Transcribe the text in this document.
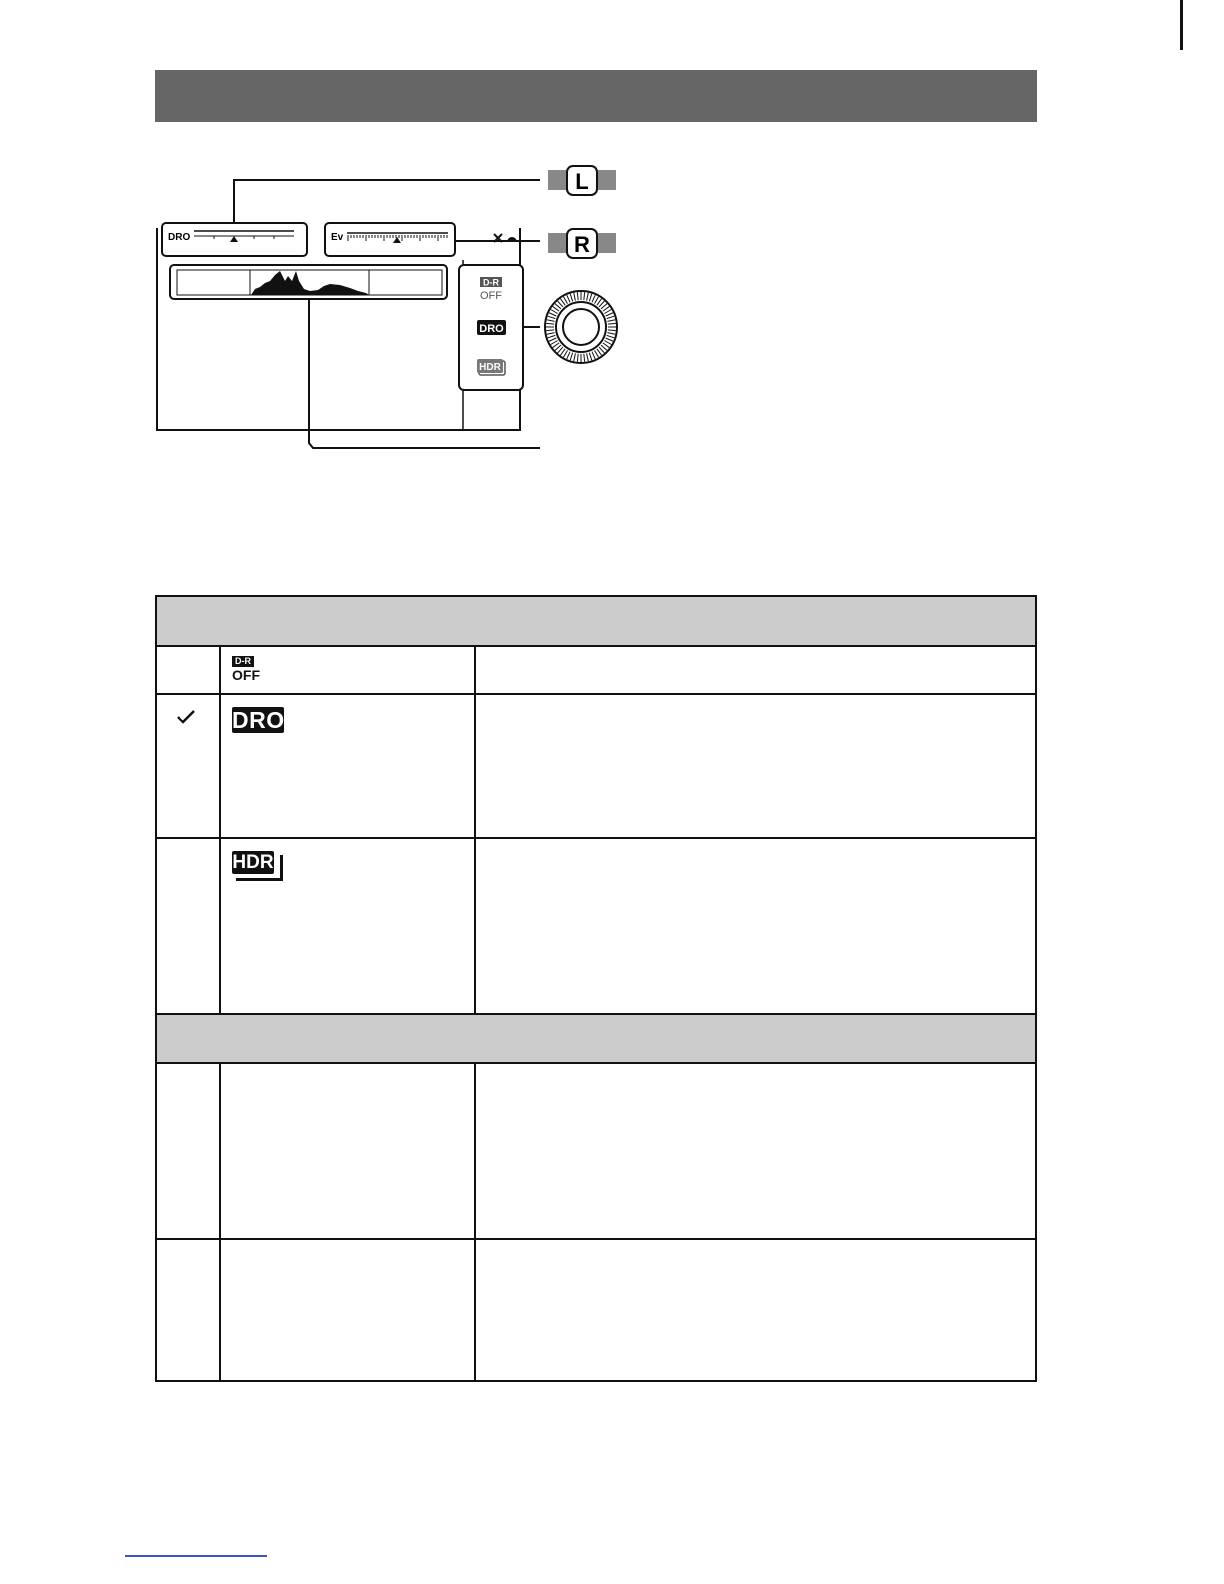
DRO	Ev
D-R
OFF
DRO
HDR
L
R
D-R
OFF
DRO
HDR
